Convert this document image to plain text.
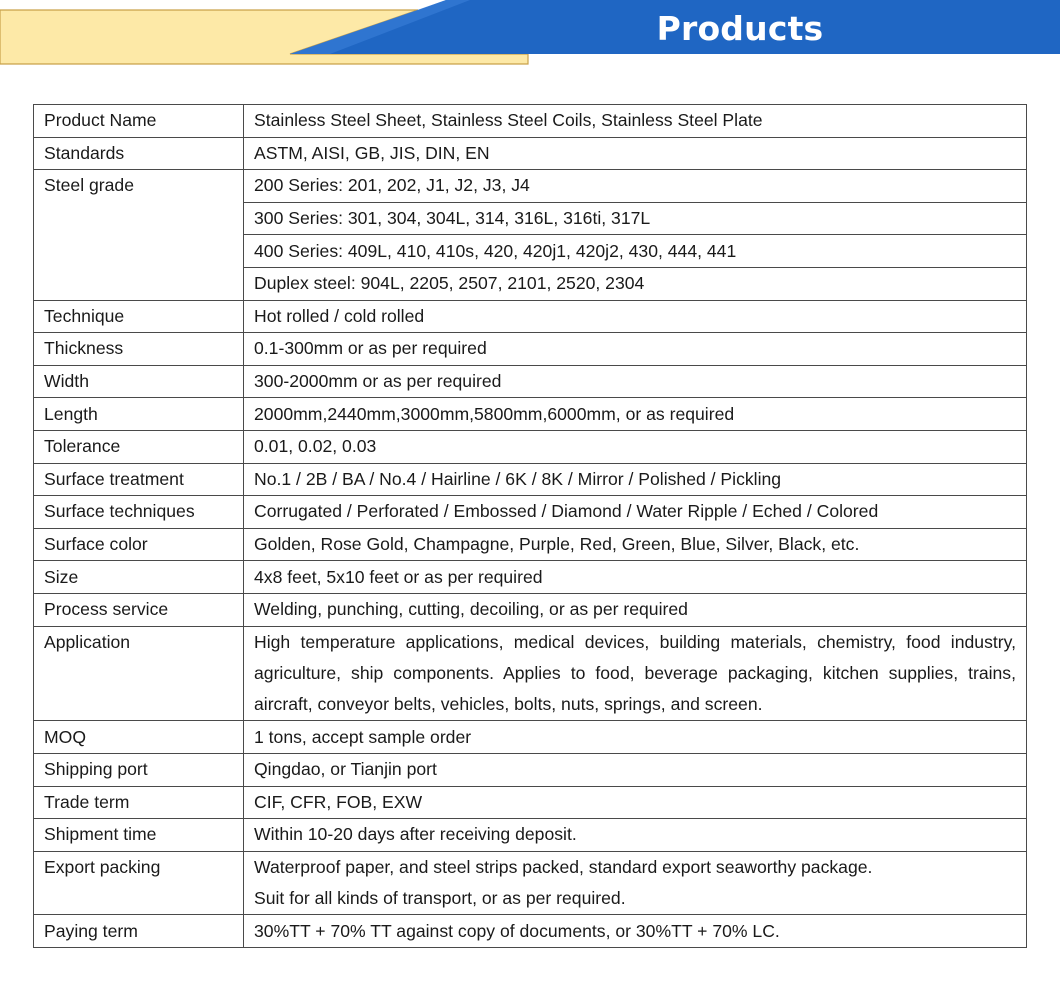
Products Parameters
Product Name	Stainless Steel Sheet, Stainless Steel Coils, Stainless Steel Plate
Standards	ASTM, AISI, GB, JIS, DIN, EN
Steel grade	200 Series: 201, 202, J1, J2, J3, J4
	300 Series: 301, 304, 304L, 314, 316L, 316ti, 317L
	400 Series: 409L, 410, 410s, 420, 420j1, 420j2, 430, 444, 441
	Duplex steel: 904L, 2205, 2507, 2101, 2520, 2304
Technique	Hot rolled / cold rolled
Thickness	0.1-300mm or as per required
Width	300-2000mm or as per required
Length	2000mm,2440mm,3000mm,5800mm,6000mm, or as required
Tolerance	0.01, 0.02, 0.03
Surface treatment	No.1 / 2B / BA / No.4 / Hairline / 6K / 8K / Mirror / Polished / Pickling
Surface techniques	Corrugated / Perforated / Embossed / Diamond / Water Ripple / Eched / Colored
Surface color	Golden, Rose Gold, Champagne, Purple, Red, Green, Blue, Silver, Black, etc.
Size	4x8 feet, 5x10 feet or as per required
Process service	Welding, punching, cutting, decoiling, or as per required
Application	High temperature applications, medical devices, building materials, chemistry, food industry, agriculture, ship components. Applies to food, beverage packaging, kitchen supplies, trains, aircraft, conveyor belts, vehicles, bolts, nuts, springs, and screen.
MOQ	1 tons, accept sample order
Shipping port	Qingdao, or Tianjin port
Trade term	CIF, CFR, FOB, EXW
Shipment time	Within 10-20 days after receiving deposit.
Export packing	Waterproof paper, and steel strips packed, standard export seaworthy package.
Suit for all kinds of transport, or as per required.

Paying term	30%TT + 70% TT against copy of documents, or 30%TT + 70% LC.
